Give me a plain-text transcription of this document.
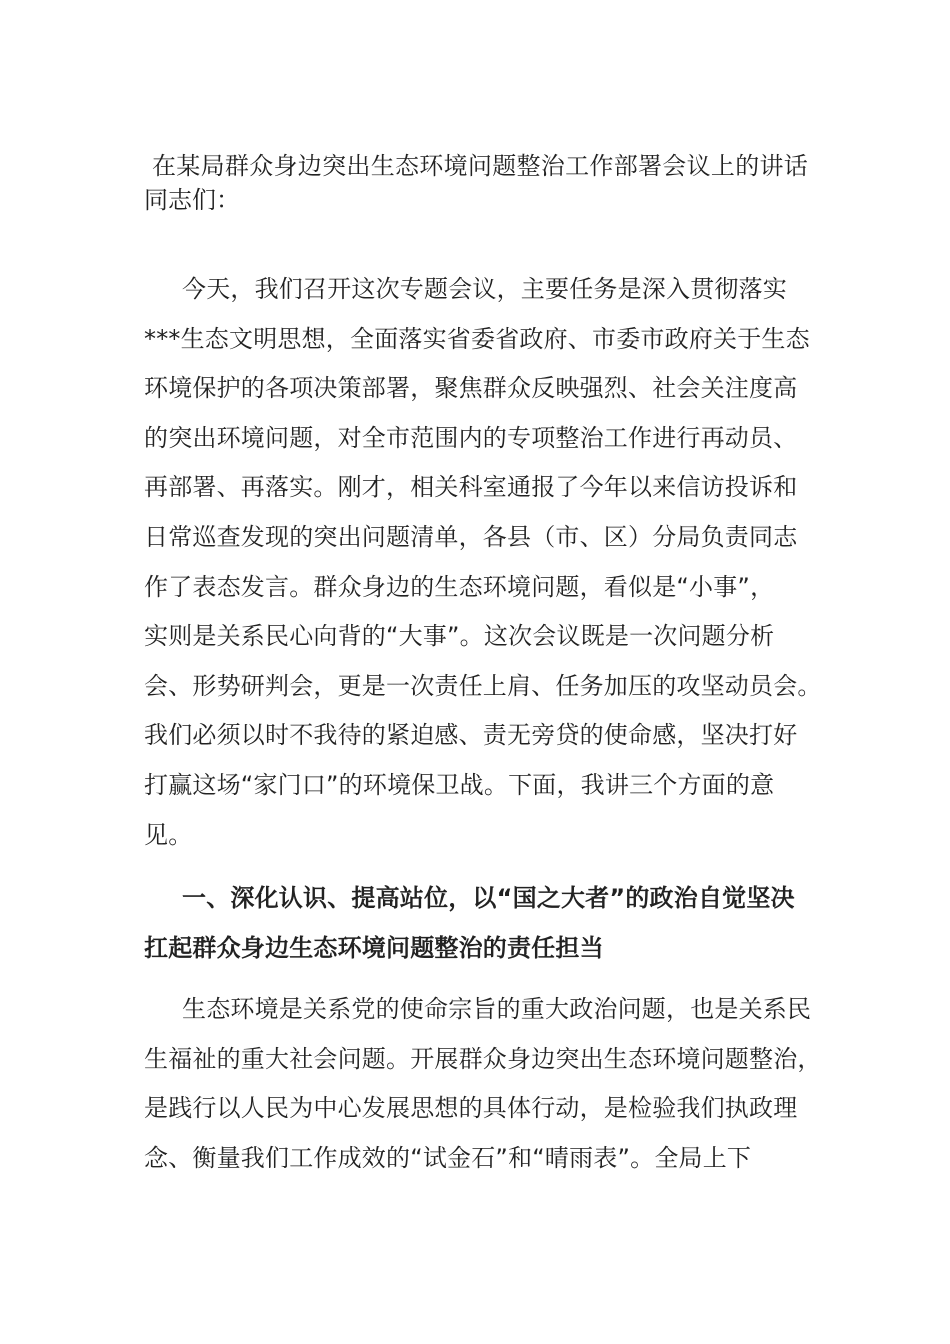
在某局群众身边突出生态环境问题整治工作部署会议上的讲话
同志们：
今天，我们召开这次专题会议，主要任务是深入贯彻落实
***生态文明思想，全面落实省委省政府、市委市政府关于生态
环境保护的各项决策部署，聚焦群众反映强烈、社会关注度高
的突出环境问题，对全市范围内的专项整治工作进行再动员、
再部署、再落实。刚才，相关科室通报了今年以来信访投诉和
日常巡查发现的突出问题清单，各县（市、区）分局负责同志
作了表态发言。群众身边的生态环境问题，看似是“小事”，
实则是关系民心向背的“大事”。这次会议既是一次问题分析
会、形势研判会，更是一次责任上肩、任务加压的攻坚动员会。
我们必须以时不我待的紧迫感、责无旁贷的使命感，坚决打好
打赢这场“家门口”的环境保卫战。下面，我讲三个方面的意
见。
一、深化认识、提高站位，以“国之大者”的政治自觉坚决
扛起群众身边生态环境问题整治的责任担当
生态环境是关系党的使命宗旨的重大政治问题，也是关系民
生福祉的重大社会问题。开展群众身边突出生态环境问题整治，
是践行以人民为中心发展思想的具体行动，是检验我们执政理
念、衡量我们工作成效的“试金石”和“晴雨表”。全局上下
